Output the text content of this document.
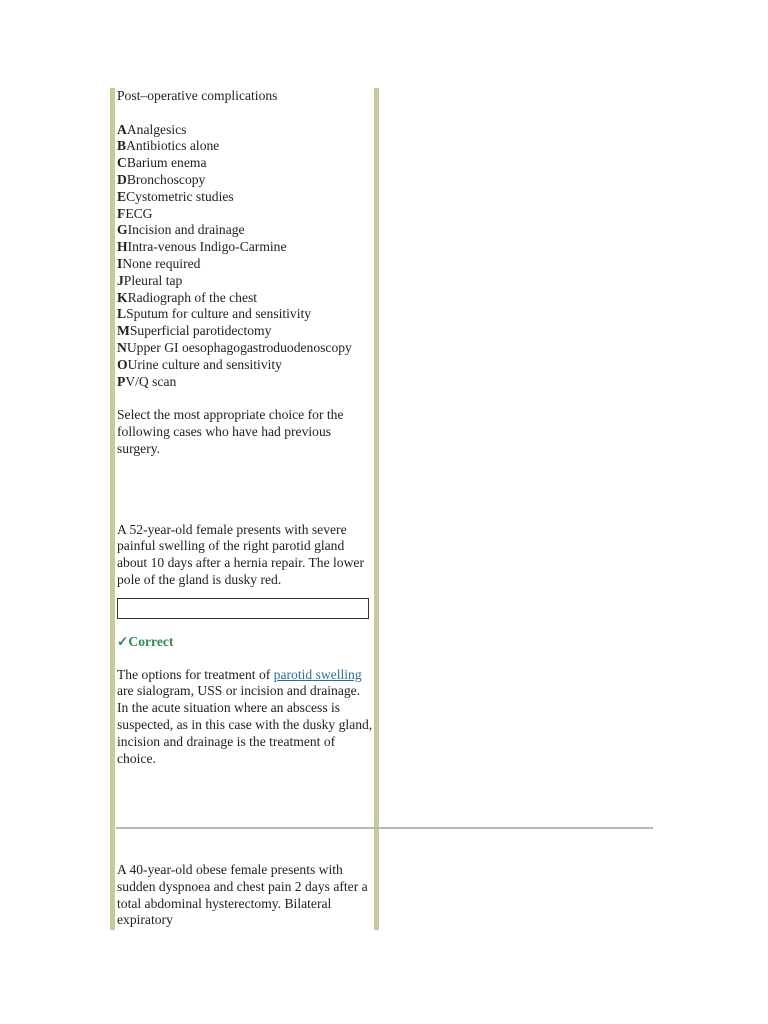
Post–operative complications

AAnalgesics
BAntibiotics alone
CBarium enema
DBronchoscopy
ECystometric studies
FECG
GIncision and drainage
HIntra-venous Indigo-Carmine
INone required
JPleural tap
KRadiograph of the chest
LSputum for culture and sensitivity
MSuperficial parotidectomy
NUpper GI oesophagogastroduodenoscopy
OUrine culture and sensitivity
PV/Q scan

Select the most appropriate choice for the following cases who have had previous surgery.

A 52-year-old female presents with severe painful swelling of the right parotid gland about 10 days after a hernia repair. The lower pole of the gland is dusky red.

✓Correct

The options for treatment of parotid swelling are sialogram, USS or incision and drainage. In the acute situation where an abscess is suspected, as in this case with the dusky gland, incision and drainage is the treatment of choice.

A 40-year-old obese female presents with sudden dyspnoea and chest pain 2 days after a total abdominal hysterectomy. Bilateral expiratory
